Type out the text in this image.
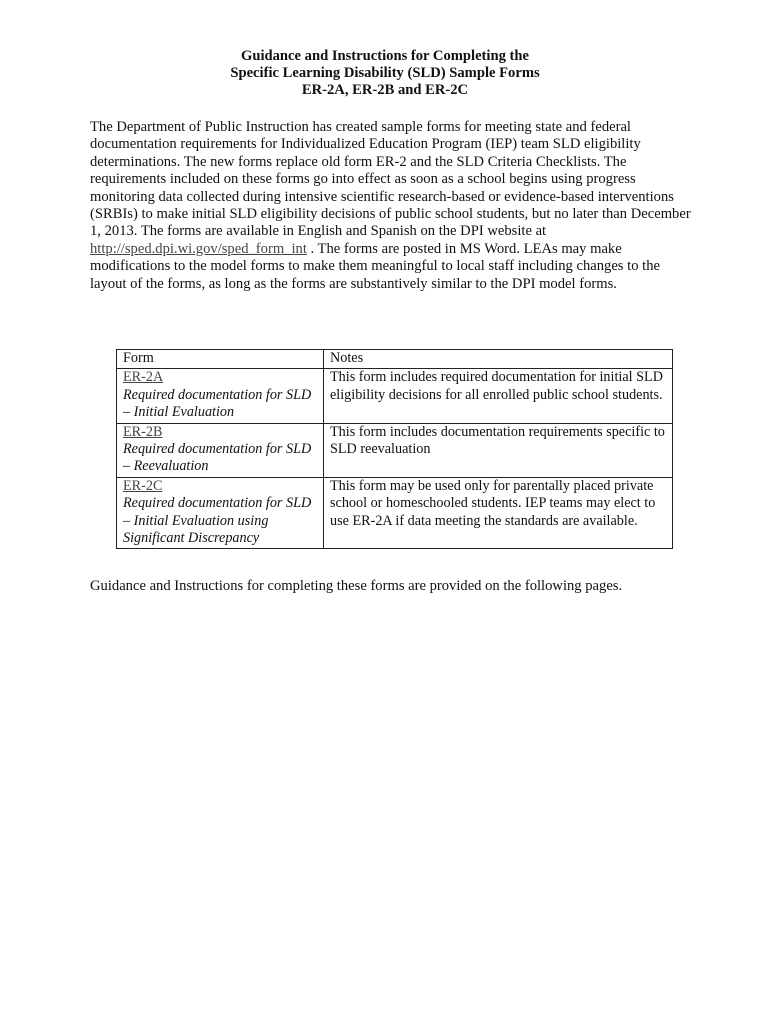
Guidance and Instructions for Completing the
Specific Learning Disability (SLD) Sample Forms
ER-2A, ER-2B and ER-2C
The Department of Public Instruction has created sample forms for meeting state and federal documentation requirements for Individualized Education Program (IEP) team SLD eligibility determinations. The new forms replace old form ER-2 and the SLD Criteria Checklists. The requirements included on these forms go into effect as soon as a school begins using progress monitoring data collected during intensive scientific research-based or evidence-based interventions (SRBIs) to make initial SLD eligibility decisions of public school students, but no later than December 1, 2013. The forms are available in English and Spanish on the DPI website at http://sped.dpi.wi.gov/sped_form_int . The forms are posted in MS Word. LEAs may make modifications to the model forms to make them meaningful to local staff including changes to the layout of the forms, as long as the forms are substantively similar to the DPI model forms.
Form	Notes
ER-2A
Required documentation for SLD – Initial Evaluation	This form includes required documentation for initial SLD eligibility decisions for all enrolled public school students.
ER-2B
Required documentation for SLD – Reevaluation	This form includes documentation requirements specific to SLD reevaluation
ER-2C
Required documentation for SLD – Initial Evaluation using Significant Discrepancy	This form may be used only for parentally placed private school or homeschooled students. IEP teams may elect to use ER-2A if data meeting the standards are available.
Guidance and Instructions for completing these forms are provided on the following pages.
